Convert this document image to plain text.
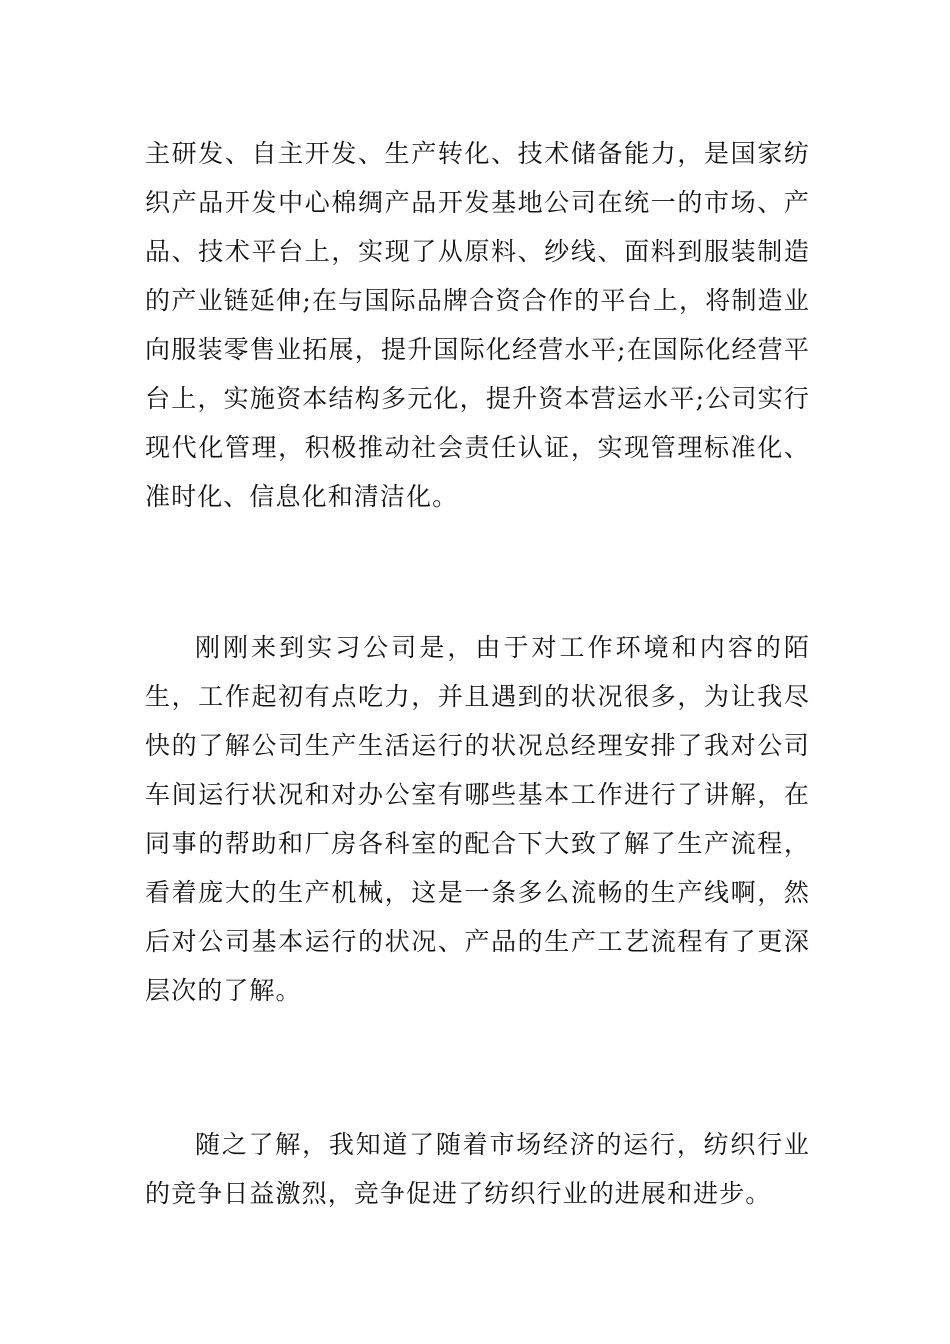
主研发、自主开发、生产转化、技术储备能力，是国家纺织产品开发中心棉绸产品开发基地公司在统一的市场、产品、技术平台上，实现了从原料、纱线、面料到服装制造的产业链延伸;在与国际品牌合资合作的平台上，将制造业向服装零售业拓展，提升国际化经营水平;在国际化经营平台上，实施资本结构多元化，提升资本营运水平;公司实行现代化管理，积极推动社会责任认证，实现管理标准化、准时化、信息化和清洁化。

刚刚来到实习公司是，由于对工作环境和内容的陌生，工作起初有点吃力，并且遇到的状况很多，为让我尽快的了解公司生产生活运行的状况总经理安排了我对公司车间运行状况和对办公室有哪些基本工作进行了讲解，在同事的帮助和厂房各科室的配合下大致了解了生产流程，看着庞大的生产机械，这是一条多么流畅的生产线啊，然后对公司基本运行的状况、产品的生产工艺流程有了更深层次的了解。

随之了解，我知道了随着市场经济的运行，纺织行业的竞争日益激烈，竞争促进了纺织行业的进展和进步。
